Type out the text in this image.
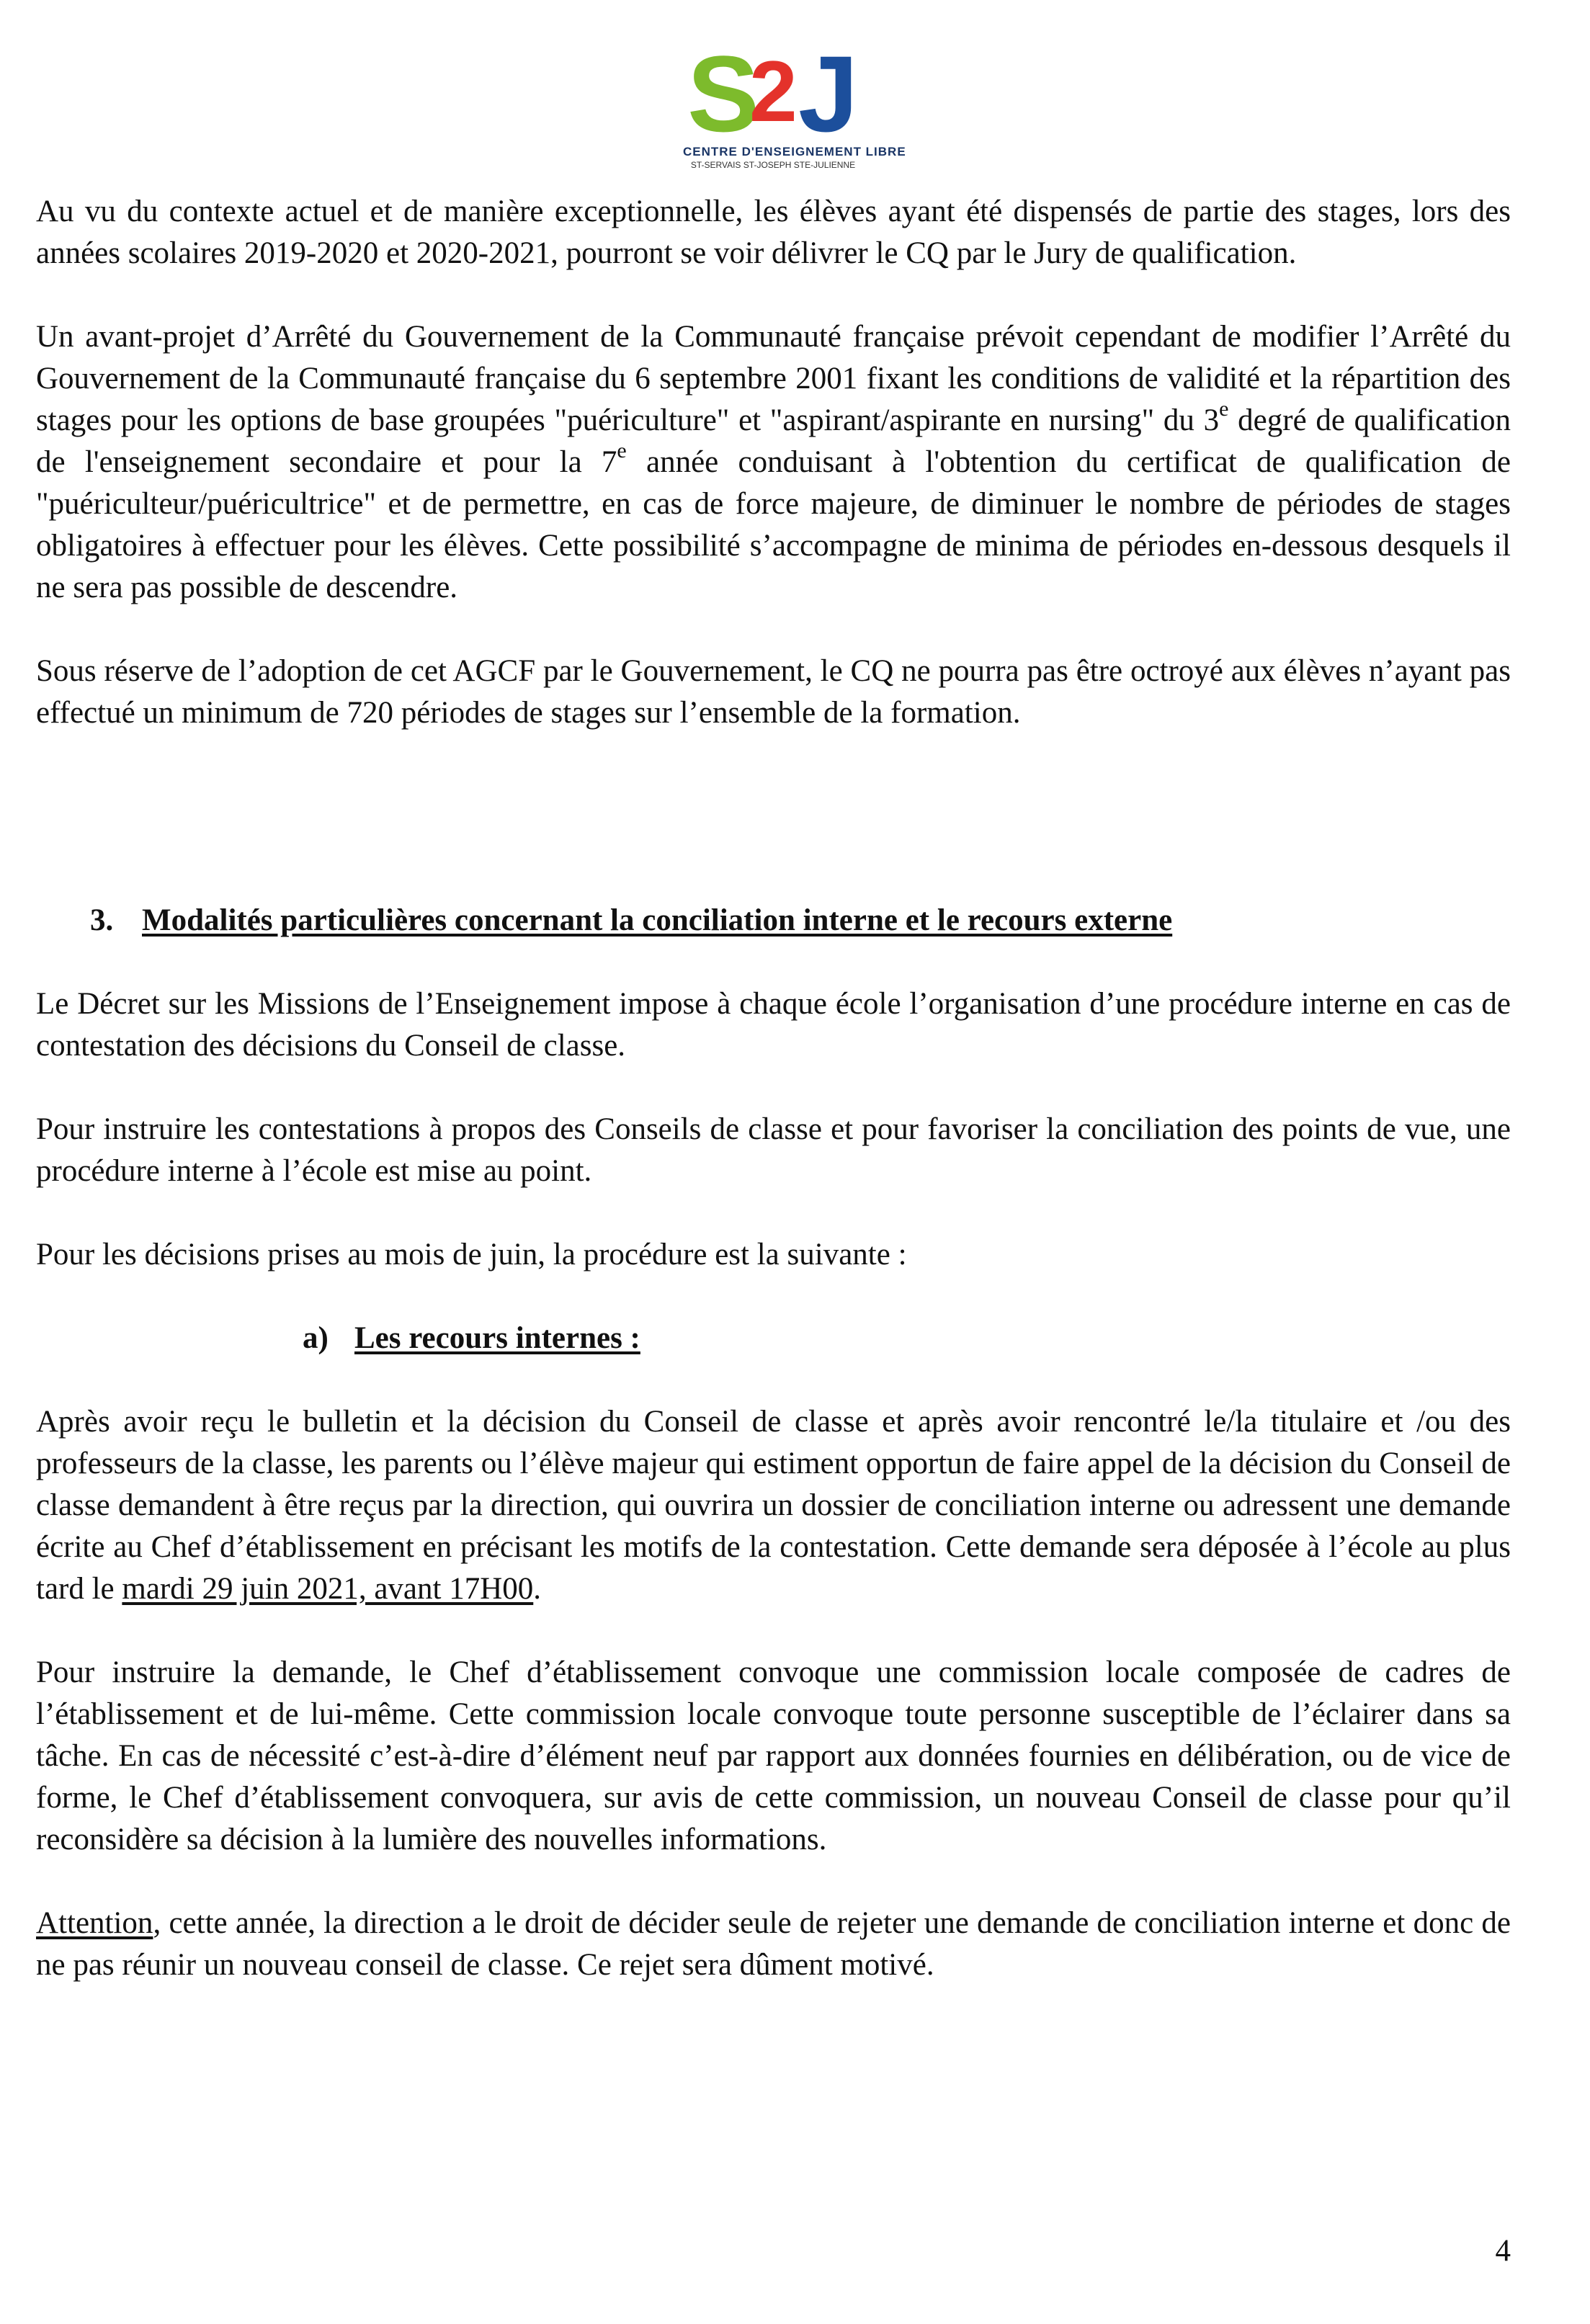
S
2 J
CENTRE D'ENSEIGNEMENT LIBRE
ST-SERVAIS ST-JOSEPH STE-JULIENNE

Au vu du contexte actuel et de manière exceptionnelle, les élèves ayant été dispensés de partie des stages, lors des années scolaires 2019-2020 et 2020-2021, pourront se voir délivrer le CQ par le Jury de qualification.

Un avant-projet d’Arrêté du Gouvernement de la Communauté française prévoit cependant de modifier l’Arrêté du Gouvernement de la Communauté française du 6 septembre 2001 fixant les conditions de validité et la répartition des stages pour les options de base groupées "puériculture" et "aspirant/aspirante en nursing" du 3e degré de qualification de l'enseignement secondaire et pour la 7e année conduisant à l'obtention du certificat de qualification de "puériculteur/puéricultrice" et de permettre, en cas de force majeure, de diminuer le nombre de périodes de stages obligatoires à effectuer pour les élèves. Cette possibilité s’accompagne de minima de périodes en-dessous desquels il ne sera pas possible de descendre.

Sous réserve de l’adoption de cet AGCF par le Gouvernement, le CQ ne pourra pas être octroyé aux élèves n’ayant pas effectué un minimum de 720 périodes de stages sur l’ensemble de la formation.

3. Modalités particulières concernant la conciliation interne et le recours externe

Le Décret sur les Missions de l’Enseignement impose à chaque école l’organisation d’une procédure interne en cas de contestation des décisions du Conseil de classe.

Pour instruire les contestations à propos des Conseils de classe et pour favoriser la conciliation des points de vue, une procédure interne à l’école est mise au point.

Pour les décisions prises au mois de juin, la procédure est la suivante :

a) Les recours internes :

Après avoir reçu le bulletin et la décision du Conseil de classe et après avoir rencontré le/la titulaire et /ou des professeurs de la classe, les parents ou l’élève majeur qui estiment opportun de faire appel de la décision du Conseil de classe demandent à être reçus par la direction, qui ouvrira un dossier de conciliation interne ou adressent une demande écrite au Chef d’établissement en précisant les motifs de la contestation. Cette demande sera déposée à l’école au plus tard le mardi 29 juin 2021, avant 17H00.

Pour instruire la demande, le Chef d’établissement convoque une commission locale composée de cadres de l’établissement et de lui-même. Cette commission locale convoque toute personne susceptible de l’éclairer dans sa tâche. En cas de nécessité c’est-à-dire d’élément neuf par rapport aux données fournies en délibération, ou de vice de forme, le Chef d’établissement convoquera, sur avis de cette commission, un nouveau Conseil de classe pour qu’il reconsidère sa décision à la lumière des nouvelles informations.

Attention, cette année, la direction a le droit de décider seule de rejeter une demande de conciliation interne et donc de ne pas réunir un nouveau conseil de classe. Ce rejet sera dûment motivé.

4
